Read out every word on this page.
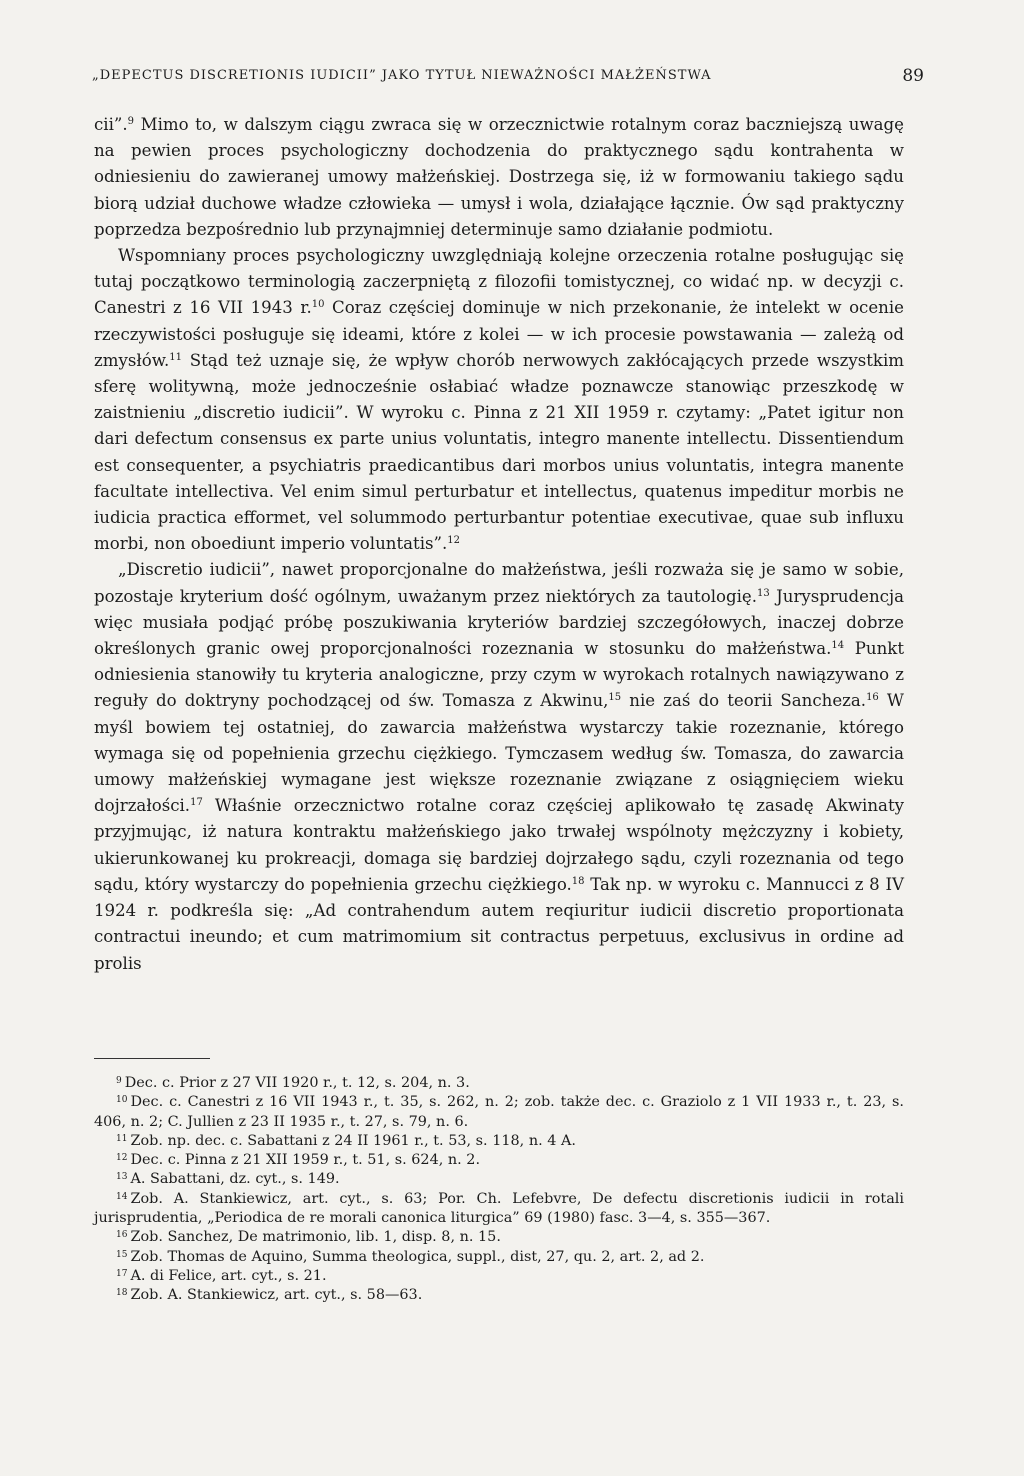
„DEPECTUS DISCRETIONIS IUDICII” JAKO TYTUŁ NIEWAŻNOŚCI MAŁŻEŃSTWA	89

cii”.$^9$ Mimo to, w dalszym ciągu zwraca się w orzecznictwie rotalnym coraz baczniejszą uwagę na pewien proces psychologiczny dochodzenia do praktycznego sądu kontrahenta w odniesieniu do zawieranej umowy małżeńskiej. Dostrzega się, iż w formowaniu takiego sądu biorą udział duchowe władze człowieka — umysł i wola, działające łącznie. Ów sąd praktyczny poprzedza bezpośrednio lub przynajmniej determinuje samo działanie podmiotu.

Wspomniany proces psychologiczny uwzględniają kolejne orzeczenia rotalne posługując się tutaj początkowo terminologią zaczerpniętą z filozofii tomistycznej, co widać np. w decyzji c. Canestri z 16 VII 1943 r.$^{10}$ Coraz częściej dominuje w nich przekonanie, że intelekt w ocenie rzeczywistości posługuje się ideami, które z kolei — w ich procesie powstawania — zależą od zmysłów.$^{11}$ Stąd też uznaje się, że wpływ chorób nerwowych zakłócających przede wszystkim sferę wolitywną, może jednocześnie osłabiać władze poznawcze stanowiąc przeszkodę w zaistnieniu „discretio iudicii”. W wyroku c. Pinna z 21 XII 1959 r. czytamy: „Patet igitur non dari defectum consensus ex parte unius voluntatis, integro manente intellectu. Dissentiendum est consequenter, a psychiatris praedicantibus dari morbos unius voluntatis, integra manente facultate intellectiva. Vel enim simul perturbatur et intellectus, quatenus impeditur morbis ne iudicia practica efformet, vel solummodo perturbantur potentiae executivae, quae sub influxu morbi, non oboediunt imperio voluntatis”.$^{12}$

„Discretio iudicii”, nawet proporcjonalne do małżeństwa, jeśli rozważa się je samo w sobie, pozostaje kryterium dość ogólnym, uważanym przez niektórych za tautologię.$^{13}$ Jurysprudencja więc musiała podjąć próbę poszukiwania kryteriów bardziej szczegółowych, inaczej dobrze określonych granic owej proporcjonalności rozeznania w stosunku do małżeństwa.$^{14}$ Punkt odniesienia stanowiły tu kryteria analogiczne, przy czym w wyrokach rotalnych nawiązywano z reguły do doktryny pochodzącej od św. Tomasza z Akwinu,$^{15}$ nie zaś do teorii Sancheza.$^{16}$ W myśl bowiem tej ostatniej, do zawarcia małżeństwa wystarczy takie rozeznanie, którego wymaga się od popełnienia grzechu ciężkiego. Tymczasem według św. Tomasza, do zawarcia umowy małżeńskiej wymagane jest większe rozeznanie związane z osiągnięciem wieku dojrzałości.$^{17}$ Właśnie orzecznictwo rotalne coraz częściej aplikowało tę zasadę Akwinaty przyjmując, iż natura kontraktu małżeńskiego jako trwałej wspólnoty mężczyzny i kobiety, ukierunkowanej ku prokreacji, domaga się bardziej dojrzałego sądu, czyli rozeznania od tego sądu, który wystarczy do popełnienia grzechu ciężkiego.$^{18}$ Tak np. w wyroku c. Mannucci z 8 IV 1924 r. podkreśla się: „Ad contrahendum autem reqiuritur iudicii discretio proportionata contractui ineundo; et cum matrimomium sit contractus perpetuus, exclusivus in ordine ad prolis

$^9$ Dec. c. Prior z 27 VII 1920 r., t. 12, s. 204, n. 3.

$^{10}$ Dec. c. Canestri z 16 VII 1943 r., t. 35, s. 262, n. 2; zob. także dec. c. Graziolo z 1 VII 1933 r., t. 23, s. 406, n. 2; C. Jullien z 23 II 1935 r., t. 27, s. 79, n. 6.

$^{11}$ Zob. np. dec. c. Sabattani z 24 II 1961 r., t. 53, s. 118, n. 4 A.

$^{12}$ Dec. c. Pinna z 21 XII 1959 r., t. 51, s. 624, n. 2.

$^{13}$ A. Sabattani, dz. cyt., s. 149.

$^{14}$ Zob. A. Stankiewicz, art. cyt., s. 63; Por. Ch. Lefebvre, De defectu discretionis iudicii in rotali jurisprudentia, „Periodica de re morali canonica liturgica” 69 (1980) fasc. 3—4, s. 355—367.

$^{16}$ Zob. Sanchez, De matrimonio, lib. 1, disp. 8, n. 15.

$^{15}$ Zob. Thomas de Aquino, Summa theologica, suppl., dist, 27, qu. 2, art. 2, ad 2.

$^{17}$ A. di Felice, art. cyt., s. 21.

$^{18}$ Zob. A. Stankiewicz, art. cyt., s. 58—63.
